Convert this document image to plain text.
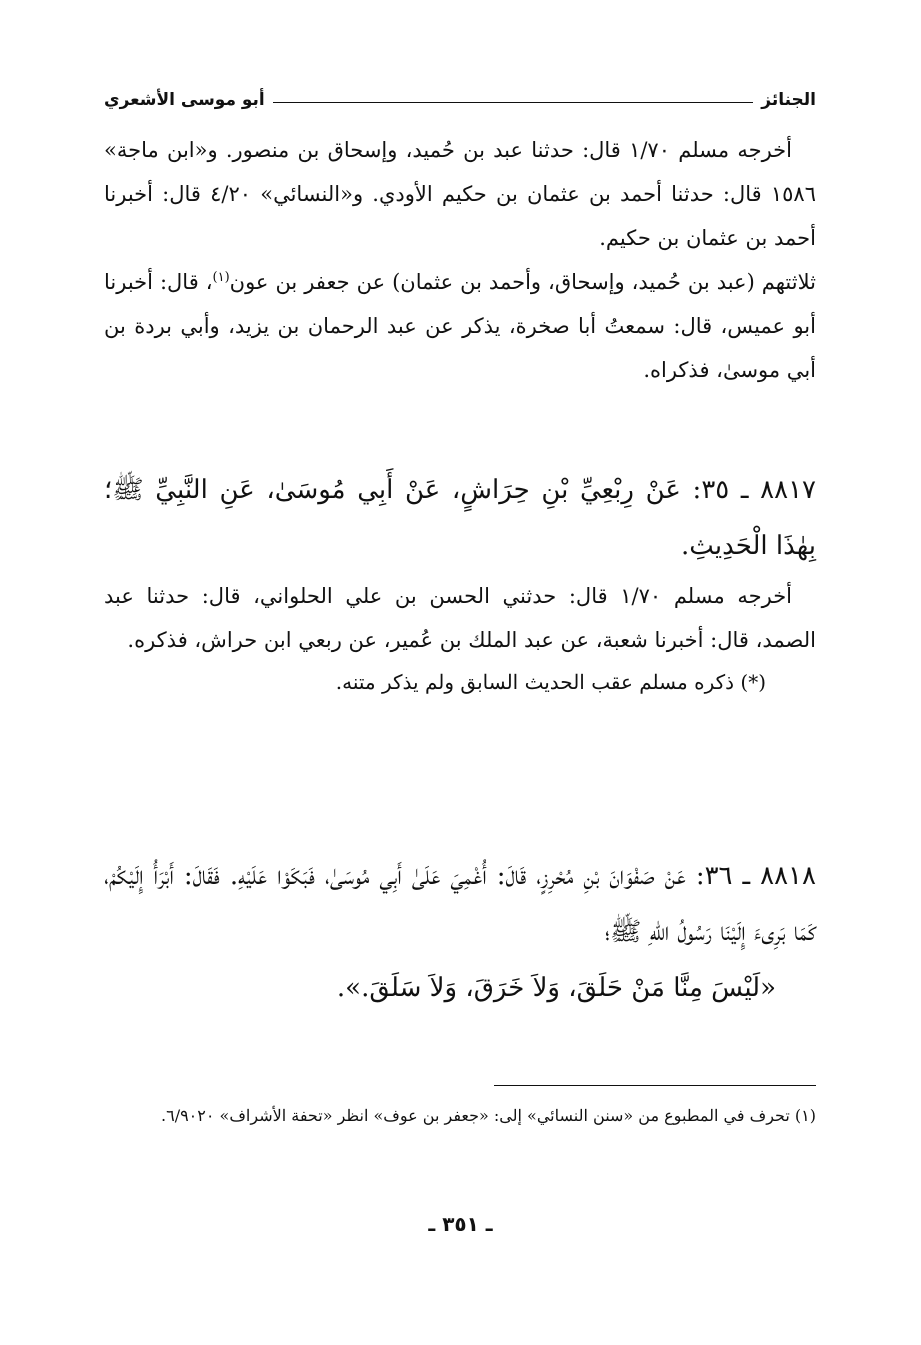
الجنائز
أبو موسى الأشعري

أخرجه مسلم ١/٧٠ قال: حدثنا عبد بن حُميد، وإسحاق بن منصور. و«ابن ماجة» ١٥٨٦ قال: حدثنا أحمد بن عثمان بن حكيم الأودي. و«النسائي» ٤/٢٠ قال: أخبرنا أحمد بن عثمان بن حكيم.

ثلاثتهم (عبد بن حُميد، وإسحاق، وأحمد بن عثمان) عن جعفر بن عون$^{(١)}$، قال: أخبرنا أبو عميس، قال: سمعتُ أبا صخرة، يذكر عن عبد الرحمان بن يزيد، وأبي بردة بن أبي موسىٰ، فذكراه.

٨٨١٧ ـ ٣٥: عَنْ رِبْعِيِّ بْنِ حِرَاشٍ، عَنْ أَبِي مُوسَىٰ، عَنِ النَّبِيِّ ﷺ؛ بِهٰذَا الْحَدِيثِ.

أخرجه مسلم ١/٧٠ قال: حدثني الحسن بن علي الحلواني، قال: حدثنا عبد الصمد، قال: أخبرنا شعبة، عن عبد الملك بن عُمير، عن ربعي ابن حراش، فذكره.

(*) ذكره مسلم عقب الحديث السابق ولم يذكر متنه.

٨٨١٨ ـ ٣٦: عَنْ صَفْوَانَ بْنِ مُحْرِزٍ، قَالَ: أُغْمِيَ عَلَىٰ أَبِي مُوسَىٰ، فَبَكَوْا عَلَيْهِ. فَقَالَ: أَبْرَأُ إِلَيْكُمْ، كَمَا بَرِىءَ إِلَيْنَا رَسُولُ اللهِ ﷺ؛

«لَيْسَ مِنَّا مَنْ حَلَقَ، وَلاَ خَرَقَ، وَلاَ سَلَقَ.».

(١) تحرف في المطبوع من «سنن النسائي» إلى: «جعفر بن عوف» انظر «تحفة الأشراف» ٦/٩٠٢٠.

ـ ٣٥١ ـ
